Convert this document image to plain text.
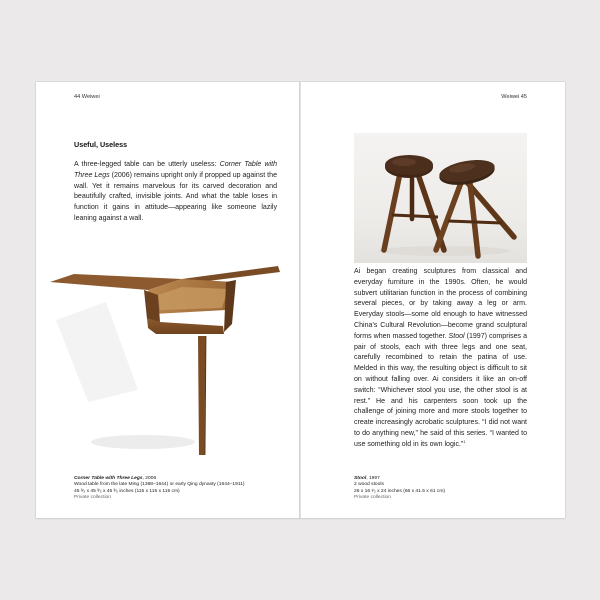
44 Weiwei
Useful, Useless

A three-legged table can be utterly useless: Corner Table with Three Legs (2006) remains upright only if propped up against the wall. Yet it remains marvelous for its carved decoration and beautifully crafted, invisible joints. And what the table loses in function it gains in attitude—appearing like someone lazily leaning against a wall.

Corner Table with Three Legs, 2006
Wood table from the late Ming (1368–1644) or early Qing dynasty (1644–1911)
45 ³⁄₅ x 45 ³⁄₅ x 45 ³⁄₅ inches (115 x 115 x 115 cm)
Private collection
Weiwei 45

Ai began creating sculptures from classical and everyday furniture in the 1990s. Often, he would subvert utilitarian function in the process of combining several pieces, or by taking away a leg or arm. Everyday stools—some old enough to have witnessed China’s Cultural Revolution—become grand sculptural forms when massed together. Stool (1997) comprises a pair of stools, each with three legs and one seat, carefully recombined to retain the patina of use. Melded in this way, the resulting object is difficult to sit on without falling over. Ai considers it like an on-off switch: “Whichever stool you use, the other stool is at rest.” He and his carpenters soon took up the challenge of joining more and more stools together to create increasingly acrobatic sculptures. “I did not want to do anything new,” he said of this series. “I wanted to use something old in its own logic.”$^1$

Stool, 1997
2 wood stools
26 x 16 ¹⁄₂ x 24 inches (66 x 41.5 x 61 cm)
Private collection
